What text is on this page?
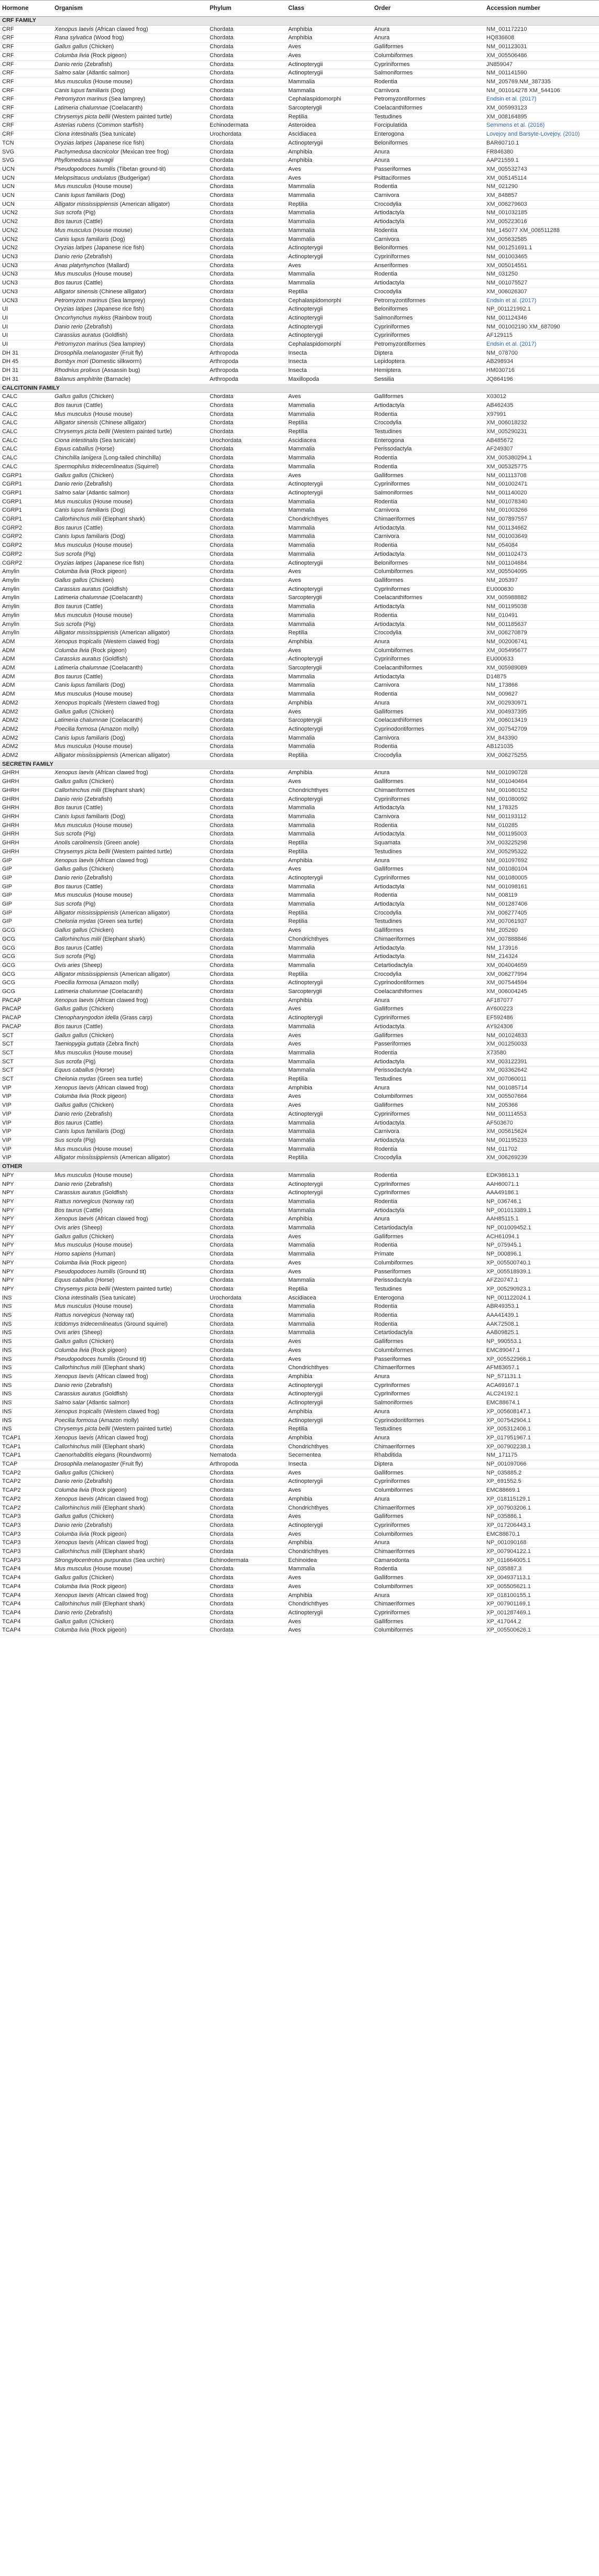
Hormone	Organism	Phylum	Class	Order	Accession number
CRF FAMILY					
CRF	Xenopus laevis (African clawed frog)	Chordata	Amphibia	Anura	NM_001172210
CRF	Rana sylvatica (Wood frog)	Chordata	Amphibia	Anura	HQ836608
CRF	Gallus gallus (Chicken)	Chordata	Aves	Galliformes	NM_001123031
CRF	Columba livia (Rock pigeon)	Chordata	Aves	Columbiformes	XM_005506486
CRF	Danio rerio (Zebrafish)	Chordata	Actinopterygii	Cypriniformes	JN859047
CRF	Salmo salar (Atlantic salmon)	Chordata	Actinopterygii	Salmoniformes	NM_001141590
CRF	Mus musculus (House mouse)	Chordata	Mammalia	Rodentia	NM_205769.NM_387335
CRF	Canis lupus familiaris (Dog)	Chordata	Mammalia	Carnivora	NM_001014278 XM_544106
CRF	Petromyzon marinus (Sea lamprey)	Chordata	Cephalaspidomorphi	Petromyzontiformes	Endsin et al. (2017)
CRF	Latimeria chalumnae (Coelacanth)	Chordata	Sarcopterygii	Coelacanthiformes	XM_005993123
CRF	Chrysemys picta bellii (Western painted turtle)	Chordata	Reptilia	Testudines	XM_008164895
CRF	Asterias rubens (Common starfish)	Echinodermata	Asteroidea	Forcipulatida	Semmens et al. (2016)
CRF	Ciona intestinalis (Sea tunicate)	Urochordata	Ascidiacea	Enterogona	Lovejoy and Barsyte-Lovejoy, (2010)
TCN	Oryzias latipes (Japanese rice fish)	Chordata	Actinopterygii	Beloniformes	BAR60710.1
SVG	Pachymedusa dacnicolor (Mexican tree frog)	Chordata	Amphibia	Anura	FR846380
SVG	Phyllomedusa sauvagii	Chordata	Amphibia	Anura	AAP21559.1
UCN	Pseudopodoces humilis (Tibetan ground-tit)	Chordata	Aves	Passeriformes	XM_005532743
UCN	Melopsittacus undulatus (Budgerigar)	Chordata	Aves	Psittaciformes	XM_005145114
UCN	Mus musculus (House mouse)	Chordata	Mammalia	Rodentia	NM_021290
UCN	Canis lupus familiaris (Dog)	Chordata	Mammalia	Carnivora	XM_848857
UCN	Alligator mississippiensis (American alligator)	Chordata	Reptilia	Crocodylia	XM_006279603
UCN2	Sus scrofa (Pig)	Chordata	Mammalia	Artiodactyla	NM_001032185
UCN2	Bos taurus (Cattle)	Chordata	Mammalia	Artiodactyla	XM_005223016
UCN2	Mus musculus (House mouse)	Chordata	Mammalia	Rodentia	NM_145077 XM_006511288
UCN2	Canis lupus familiaris (Dog)	Chordata	Mammalia	Carnivora	XM_005632585
UCN2	Oryzias latipes (Japanese rice fish)	Chordata	Actinopterygii	Beloniformes	NM_001251691.1
UCN3	Danio rerio (Zebrafish)	Chordata	Actinopterygii	Cypriniformes	NM_001003465
UCN3	Anas platyrhynchos (Mallard)	Chordata	Aves	Anseriformes	XM_005014551
UCN3	Mus musculus (House mouse)	Chordata	Mammalia	Rodentia	NM_031250
UCN3	Bos taurus (Cattle)	Chordata	Mammalia	Artiodactyla	NM_001075527
UCN3	Alligator sinensis (Chinese alligator)	Chordata	Reptilia	Crocodylia	XM_006026307
UCN3	Petromyzon marinus (Sea lamprey)	Chordata	Cephalaspidomorphi	Petromyzontiformes	Endsin et al. (2017)
UI	Oryzias latipes (Japanese rice fish)	Chordata	Actinopterygii	Beloniformes	NP_001121992.1
UI	Oncorhynchus mykiss (Rainbow trout)	Chordata	Actinopterygii	Salmoniformes	NM_001124346
UI	Danio rerio (Zebrafish)	Chordata	Actinopterygii	Cypriniformes	NM_001002190 XM_687090
UI	Carassius auratus (Goldfish)	Chordata	Actinopterygii	Cypriniformes	AF129115
UI	Petromyzon marinus (Sea lamprey)	Chordata	Cephalaspidomorphi	Petromyzontiformes	Endsin et al. (2017)
DH 31	Drosophila melanogaster (Fruit fly)	Arthropoda	Insecta	Diptera	NM_078700
DH 45	Bombyx mori (Domestic silkworm)	Arthropoda	Insecta	Lepidoptera	AB298934
DH 31	Rhodnius prolixus (Assassin bug)	Arthropoda	Insecta	Hemiptera	HM030716
DH 31	Balanus amphitrite (Barnacle)	Arthropoda	Maxillopoda	Sessilia	JQ864196
CALCITONIN FAMILY					
CALC	Gallus gallus (Chicken)	Chordata	Aves	Galliformes	X03012
CALC	Bos taurus (Cattle)	Chordata	Mammalia	Artiodactyla	AB462435
CALC	Mus musculus (House mouse)	Chordata	Mammalia	Rodentia	X97991
CALC	Alligator sinensis (Chinese alligator)	Chordata	Reptilia	Crocodylia	XM_006018232
CALC	Chrysemys picta bellii (Western painted turtle)	Chordata	Reptilia	Testudines	XM_005290231
CALC	Ciona intestinalis (Sea tunicate)	Urochordata	Ascidiacea	Enterogona	AB485672
CALC	Equus caballus (Horse)	Chordata	Mammalia	Perissodactyla	AF249307
CALC	Chinchilla lanigera (Long-tailed chinchilla)	Chordata	Mammalia	Rodentia	XM_005380294.1
CALC	Spermophilus tridecemlineatus (Squirrel)	Chordata	Mammalia	Rodentia	XM_005325775
CGRP1	Gallus gallus (Chicken)	Chordata	Aves	Galliformes	NM_001113708
CGRP1	Danio rerio (Zebrafish)	Chordata	Actinopterygii	Cypriniformes	NM_001002471
CGRP1	Salmo salar (Atlantic salmon)	Chordata	Actinopterygii	Salmoniformes	NM_001140020
CGRP1	Mus musculus (House mouse)	Chordata	Mammalia	Rodentia	NM_001078340
CGRP1	Canis lupus familiaris (Dog)	Chordata	Mammalia	Carnivora	NM_001003266
CGRP1	Callorhinchus milii (Elephant shark)	Chordata	Chondrichthyes	Chimaeriformes	NM_007897557
CGRP2	Bos taurus (Cattle)	Chordata	Mammalia	Artiodactyla	NM_001134662
CGRP2	Canis lupus familiaris (Dog)	Chordata	Mammalia	Carnivora	NM_001003649
CGRP2	Mus musculus (House mouse)	Chordata	Mammalia	Rodentia	NM_054084
CGRP2	Sus scrofa (Pig)	Chordata	Mammalia	Artiodactyla	NM_001102473
CGRP2	Oryzias latipes (Japanese rice fish)	Chordata	Actinopterygii	Beloniformes	NM_001104684
Amylin	Columba livia (Rock pigeon)	Chordata	Aves	Columbiformes	XM_005504095
Amylin	Gallus gallus (Chicken)	Chordata	Aves	Galliformes	NM_205397
Amylin	Carassius auratus (Goldfish)	Chordata	Actinopterygii	Cypriniformes	EU000630
Amylin	Latimeria chalumnae (Coelacanth)	Chordata	Sarcopterygii	Coelacanthiformes	XM_005988882
Amylin	Bos taurus (Cattle)	Chordata	Mammalia	Artiodactyla	NM_001195038
Amylin	Mus musculus (House mouse)	Chordata	Mammalia	Rodentia	NM_010491
Amylin	Sus scrofa (Pig)	Chordata	Mammalia	Artiodactyla	NM_001185637
Amylin	Alligator mississippiensis (American alligator)	Chordata	Reptilia	Crocodylia	XM_006270879
ADM	Xenopus tropicalis (Western clawed frog)	Chordata	Amphibia	Anura	NM_002006741
ADM	Columba livia (Rock pigeon)	Chordata	Aves	Columbiformes	XM_005495677
ADM	Carassius auratus (Goldfish)	Chordata	Actinopterygii	Cypriniformes	EU000633
ADM	Latimeria chalumnae (Coelacanth)	Chordata	Sarcopterygii	Coelacanthiformes	XM_005989089
ADM	Bos taurus (Cattle)	Chordata	Mammalia	Artiodactyla	D14875
ADM	Canis lupus familiaris (Dog)	Chordata	Mammalia	Carnivora	NM_173866
ADM	Mus musculus (House mouse)	Chordata	Mammalia	Rodentia	NM_009627
ADM2	Xenopus tropicalis (Western clawed frog)	Chordata	Amphibia	Anura	XM_002930971
ADM2	Gallus gallus (Chicken)	Chordata	Aves	Galliformes	XM_004937395
ADM2	Latimeria chalumnae (Coelacanth)	Chordata	Sarcopterygii	Coelacanthiformes	XM_006013419
ADM2	Poecilia formosa (Amazon molly)	Chordata	Actinopterygii	Cyprinodontiformes	XM_007542709
ADM2	Canis lupus familiaris (Dog)	Chordata	Mammalia	Carnivora	XM_843390
ADM2	Mus musculus (House mouse)	Chordata	Mammalia	Rodentia	AB121035
ADM2	Alligator mississippiensis (American alligator)	Chordata	Reptilia	Crocodylia	XM_006275255
SECRETIN FAMILY					
GHRH	Xenopus laevis (African clawed frog)	Chordata	Amphibia	Anura	NM_001090728
GHRH	Gallus gallus (Chicken)	Chordata	Aves	Galliformes	NM_001040464
GHRH	Callorhinchus milii (Elephant shark)	Chordata	Chondrichthyes	Chimaeriformes	NM_001080152
GHRH	Danio rerio (Zebrafish)	Chordata	Actinopterygii	Cypriniformes	NM_001080092
GHRH	Bos taurus (Cattle)	Chordata	Mammalia	Artiodactyla	NM_178325
GHRH	Canis lupus familiaris (Dog)	Chordata	Mammalia	Carnivora	NM_001193112
GHRH	Mus musculus (House mouse)	Chordata	Mammalia	Rodentia	NM_010285
GHRH	Sus scrofa (Pig)	Chordata	Mammalia	Artiodactyla	NM_001195003
GHRH	Anolis carolinensis (Green anole)	Chordata	Reptilia	Squamata	XM_003225298
GHRH	Chrysemys picta bellii (Western painted turtle)	Chordata	Reptilia	Testudines	XM_005295322
GIP	Xenopus laevis (African clawed frog)	Chordata	Amphibia	Anura	NM_001097692
GIP	Gallus gallus (Chicken)	Chordata	Aves	Galliformes	NM_001080104
GIP	Danio rerio (Zebrafish)	Chordata	Actinopterygii	Cypriniformes	NM_001080005
GIP	Bos taurus (Cattle)	Chordata	Mammalia	Artiodactyla	NM_001098161
GIP	Mus musculus (House mouse)	Chordata	Mammalia	Rodentia	NM_008119
GIP	Sus scrofa (Pig)	Chordata	Mammalia	Artiodactyla	NM_001287406
GIP	Alligator mississippiensis (American alligator)	Chordata	Reptilia	Crocodylia	XM_006277405
GIP	Chelonia mydas (Green sea turtle)	Chordata	Reptilia	Testudines	XM_007061937
GCG	Gallus gallus (Chicken)	Chordata	Aves	Galliformes	NM_205260
GCG	Callorhinchus milii (Elephant shark)	Chordata	Chondrichthyes	Chimaeriformes	XM_007888846
GCG	Bos taurus (Cattle)	Chordata	Mammalia	Artiodactyla	NM_173916
GCG	Sus scrofa (Pig)	Chordata	Mammalia	Artiodactyla	NM_214324
GCG	Ovis aries (Sheep)	Chordata	Mammalia	Cetartiodactyla	XM_004004659
GCG	Alligator mississippiensis (American alligator)	Chordata	Reptilia	Crocodylia	XM_006277994
GCG	Poecilia formosa (Amazon molly)	Chordata	Actinopterygii	Cyprinodontiformes	XM_007544594
GCG	Latimeria chalumnae (Coelacanth)	Chordata	Sarcopterygii	Coelacanthiformes	XM_006004245
PACAP	Xenopus laevis (African clawed frog)	Chordata	Amphibia	Anura	AF187077
PACAP	Gallus gallus (Chicken)	Chordata	Aves	Galliformes	AY600223
PACAP	Ctenopharyngodon idella (Grass carp)	Chordata	Actinopterygii	Cypriniformes	EF592486
PACAP	Bos taurus (Cattle)	Chordata	Mammalia	Artiodactyla	AY924306
SCT	Gallus gallus (Chicken)	Chordata	Aves	Galliformes	NM_001024833
SCT	Taeniopygia guttata (Zebra finch)	Chordata	Aves	Passeriformes	XM_001250033
SCT	Mus musculus (House mouse)	Chordata	Mammalia	Rodentia	X73580
SCT	Sus scrofa (Pig)	Chordata	Mammalia	Artiodactyla	XM_003122391
SCT	Equus caballus (Horse)	Chordata	Mammalia	Perissodactyla	XM_003362642
SCT	Chelonia mydas (Green sea turtle)	Chordata	Reptilia	Testudines	XM_007060011
VIP	Xenopus laevis (African clawed frog)	Chordata	Amphibia	Anura	NM_001085714
VIP	Columba livia (Rock pigeon)	Chordata	Aves	Columbiformes	XM_005507664
VIP	Gallus gallus (Chicken)	Chordata	Aves	Galliformes	NM_205366
VIP	Danio rerio (Zebrafish)	Chordata	Actinopterygii	Cypriniformes	NM_001114553
VIP	Bos taurus (Cattle)	Chordata	Mammalia	Artiodactyla	AF503670
VIP	Canis lupus familiaris (Dog)	Chordata	Mammalia	Carnivora	XM_005615624
VIP	Sus scrofa (Pig)	Chordata	Mammalia	Artiodactyla	NM_001195233
VIP	Mus musculus (House mouse)	Chordata	Mammalia	Rodentia	NM_011702
VIP	Alligator mississippiensis (American alligator)	Chordata	Reptilia	Crocodylia	XM_006269239
OTHER					
NPY	Mus musculus (House mouse)	Chordata	Mammalia	Rodentia	EDK98613.1
NPY	Danio rerio (Zebrafish)	Chordata	Actinopterygii	Cypriniformes	AAH60071.1
NPY	Carassius auratus (Goldfish)	Chordata	Actinopterygii	Cypriniformes	AAA49186.1
NPY	Rattus norvegicus (Norway rat)	Chordata	Mammalia	Rodentia	NP_036746.1
NPY	Bos taurus (Cattle)	Chordata	Mammalia	Artiodactyla	NP_001013389.1
NPY	Xenopus laevis (African clawed frog)	Chordata	Amphibia	Anura	AAH85115.1
NPY	Ovis aries (Sheep)	Chordata	Mammalia	Cetartiodactyla	NP_001009452.1
NPY	Gallus gallus (Chicken)	Chordata	Aves	Galliformes	ACH61094.1
NPY	Mus musculus (House mouse)	Chordata	Mammalia	Rodentia	NP_075945.1
NPY	Homo sapiens (Human)	Chordata	Mammalia	Primate	NP_000896.1
NPY	Columba livia (Rock pigeon)	Chordata	Aves	Columbiformes	XP_005500740.1
NPY	Pseudopodoces humilis (Ground tit)	Chordata	Aves	Passeriformes	XP_005518939.1
NPY	Equus caballus (Horse)	Chordata	Mammalia	Perissodactyla	AFZ20747.1
NPY	Chrysemys picta bellii (Western painted turtle)	Chordata	Reptilia	Testudines	XP_005290923.1
INS	Ciona intestinalis (Sea tunicate)	Urochordata	Ascidiacea	Enterogona	NP_001122024.1
INS	Mus musculus (House mouse)	Chordata	Mammalia	Rodentia	ABR49353.1
INS	Rattus norvegicus (Norway rat)	Chordata	Mammalia	Rodentia	AAA41439.1
INS	Ictidomys tridecemlineatus (Ground squirrel)	Chordata	Mammalia	Rodentia	AAK72508.1
INS	Ovis aries (Sheep)	Chordata	Mammalia	Cetartiodactyla	AAB09825.1
INS	Gallus gallus (Chicken)	Chordata	Aves	Galliformes	NP_990553.1
INS	Columba livia (Rock pigeon)	Chordata	Aves	Columbiformes	EMC89047.1
INS	Pseudopodoces humilis (Ground tit)	Chordata	Aves	Passeriformes	XP_005522966.1
INS	Callorhinchus milii (Elephant shark)	Chordata	Chondrichthyes	Chimaeriformes	AFM83657.1
INS	Xenopus laevis (African clawed frog)	Chordata	Amphibia	Anura	NP_571131.1
INS	Danio rerio (Zebrafish)	Chordata	Actinopterygii	Cypriniformes	ACA69167.1
INS	Carassius auratus (Goldfish)	Chordata	Actinopterygii	Cypriniformes	ALC24192.1
INS	Salmo salar (Atlantic salmon)	Chordata	Actinopterygii	Salmoniformes	EMC88674.1
INS	Xenopus tropicalis (Western clawed frog)	Chordata	Amphibia	Anura	XP_005608147.1
INS	Poecilia formosa (Amazon molly)	Chordata	Actinopterygii	Cyprinodontiformes	XP_007542904.1
INS	Chrysemys picta bellii (Western painted turtle)	Chordata	Reptilia	Testudines	XP_005312406.1
TCAP1	Xenopus laevis (African clawed frog)	Chordata	Amphibia	Anura	XP_017951967.1
TCAP1	Callorhinchus milii (Elephant shark)	Chordata	Chondrichthyes	Chimaeriformes	XP_007902238.1
TCAP1	Caenorhabditis elegans (Roundworm)	Nematoda	Secernentea	Rhabditida	NM_171175
TCAP	Drosophila melanogaster (Fruit fly)	Arthropoda	Insecta	Diptera	NP_001097066
TCAP2	Gallus gallus (Chicken)	Chordata	Aves	Galliformes	NP_035885.2
TCAP2	Danio rerio (Zebrafish)	Chordata	Actinopterygii	Cypriniformes	XP_691552.5
TCAP2	Columba livia (Rock pigeon)	Chordata	Aves	Columbiformes	EMC88669.1
TCAP2	Xenopus laevis (African clawed frog)	Chordata	Amphibia	Anura	XP_018115129.1
TCAP2	Callorhinchus milii (Elephant shark)	Chordata	Chondrichthyes	Chimaeriformes	XP_007903206.1
TCAP3	Gallus gallus (Chicken)	Chordata	Aves	Galliformes	NP_035886.1
TCAP3	Danio rerio (Zebrafish)	Chordata	Actinopterygii	Cypriniformes	XP_017206443.1
TCAP3	Columba livia (Rock pigeon)	Chordata	Aves	Columbiformes	EMC88670.1
TCAP3	Xenopus laevis (African clawed frog)	Chordata	Amphibia	Anura	NP_001090168
TCAP3	Callorhinchus milii (Elephant shark)	Chordata	Chondrichthyes	Chimaeriformes	XP_007904122.1
TCAP3	Strongylocentrotus purpuratus (Sea urchin)	Echinodermata	Echinoidea	Camarodonta	XP_011664005.1
TCAP4	Mus musculus (House mouse)	Chordata	Mammalia	Rodentia	NP_035887.3
TCAP4	Gallus gallus (Chicken)	Chordata	Aves	Galliformes	XP_004937113.1
TCAP4	Columba livia (Rock pigeon)	Chordata	Aves	Columbiformes	XP_005505621.1
TCAP4	Xenopus laevis (African clawed frog)	Chordata	Amphibia	Anura	XP_018100155.1
TCAP4	Callorhinchus milii (Elephant shark)	Chordata	Chondrichthyes	Chimaeriformes	XP_007901169.1
TCAP4	Danio rerio (Zebrafish)	Chordata	Actinopterygii	Cypriniformes	XP_001287469.1
TCAP4	Gallus gallus (Chicken)	Chordata	Aves	Galliformes	XP_417044.2
TCAP4	Columba livia (Rock pigeon)	Chordata	Aves	Columbiformes	XP_005500626.1
